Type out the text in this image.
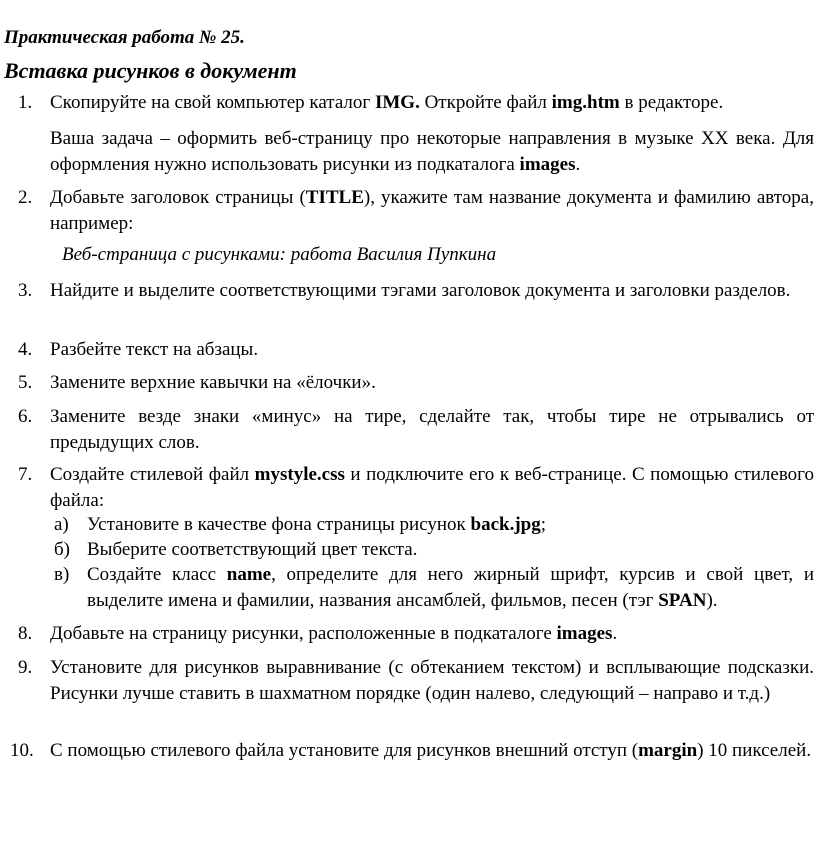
Практическая работа № 25.
Вставка рисунков в документ
1. Скопируйте на свой компьютер каталог IMG. Откройте файл img.htm в редакторе.
Ваша задача – оформить веб-страницу про некоторые направления в музыке XX века. Для оформления нужно использовать рисунки из подкаталога images.
2. Добавьте заголовок страницы (TITLE), укажите там название документа и фамилию автора, например:
Веб-страница с рисунками: работа Василия Пупкина
3. Найдите и выделите соответствующими тэгами заголовок документа и заголовки разделов.
4. Разбейте текст на абзацы.
5. Замените верхние кавычки на «ёлочки».
6. Замените везде знаки «минус» на тире, сделайте так, чтобы тире не отрывались от предыдущих слов.
7. Создайте стилевой файл mystyle.css и подключите его к веб-странице. С помощью стилевого файла:
а) Установите в качестве фона страницы рисунок back.jpg;
б) Выберите соответствующий цвет текста.
в) Создайте класс name, определите для него жирный шрифт, курсив и свой цвет, и выделите имена и фамилии, названия ансамблей, фильмов, песен (тэг SPAN).
8. Добавьте на страницу рисунки, расположенные в подкаталоге images.
9. Установите для рисунков выравнивание (с обтеканием текстом) и всплывающие подсказки. Рисунки лучше ставить в шахматном порядке (один налево, следующий – направо и т.д.)
10. С помощью стилевого файла установите для рисунков внешний отступ (margin) 10 пикселей.
